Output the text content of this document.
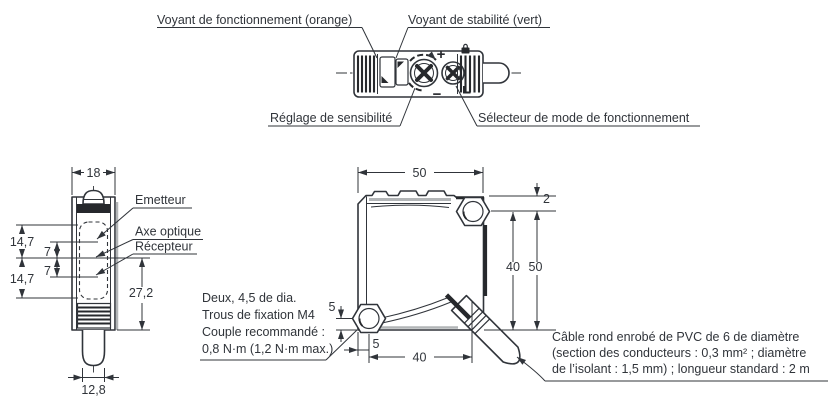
+
−
Voyant de fonctionnement (orange)	Voyant de stabilité (vert)
Réglage de sensibilité	Sélecteur de mode de fonctionnement
18
14,7
14,7
7
7
27,2
12,8
Emetteur
Axe optique
Récepteur
50
2
40 50
5
5
40
Deux, 4,5 de dia.
Trous de fixation M4
Couple recommandé :
0,8 N·m (1,2 N·m max.)
Câble rond enrobé de PVC de 6 de diamètre
(section des conducteurs : 0,3 mm² ; diamètre
de l’isolant : 1,5 mm) ; longueur standard : 2 m
